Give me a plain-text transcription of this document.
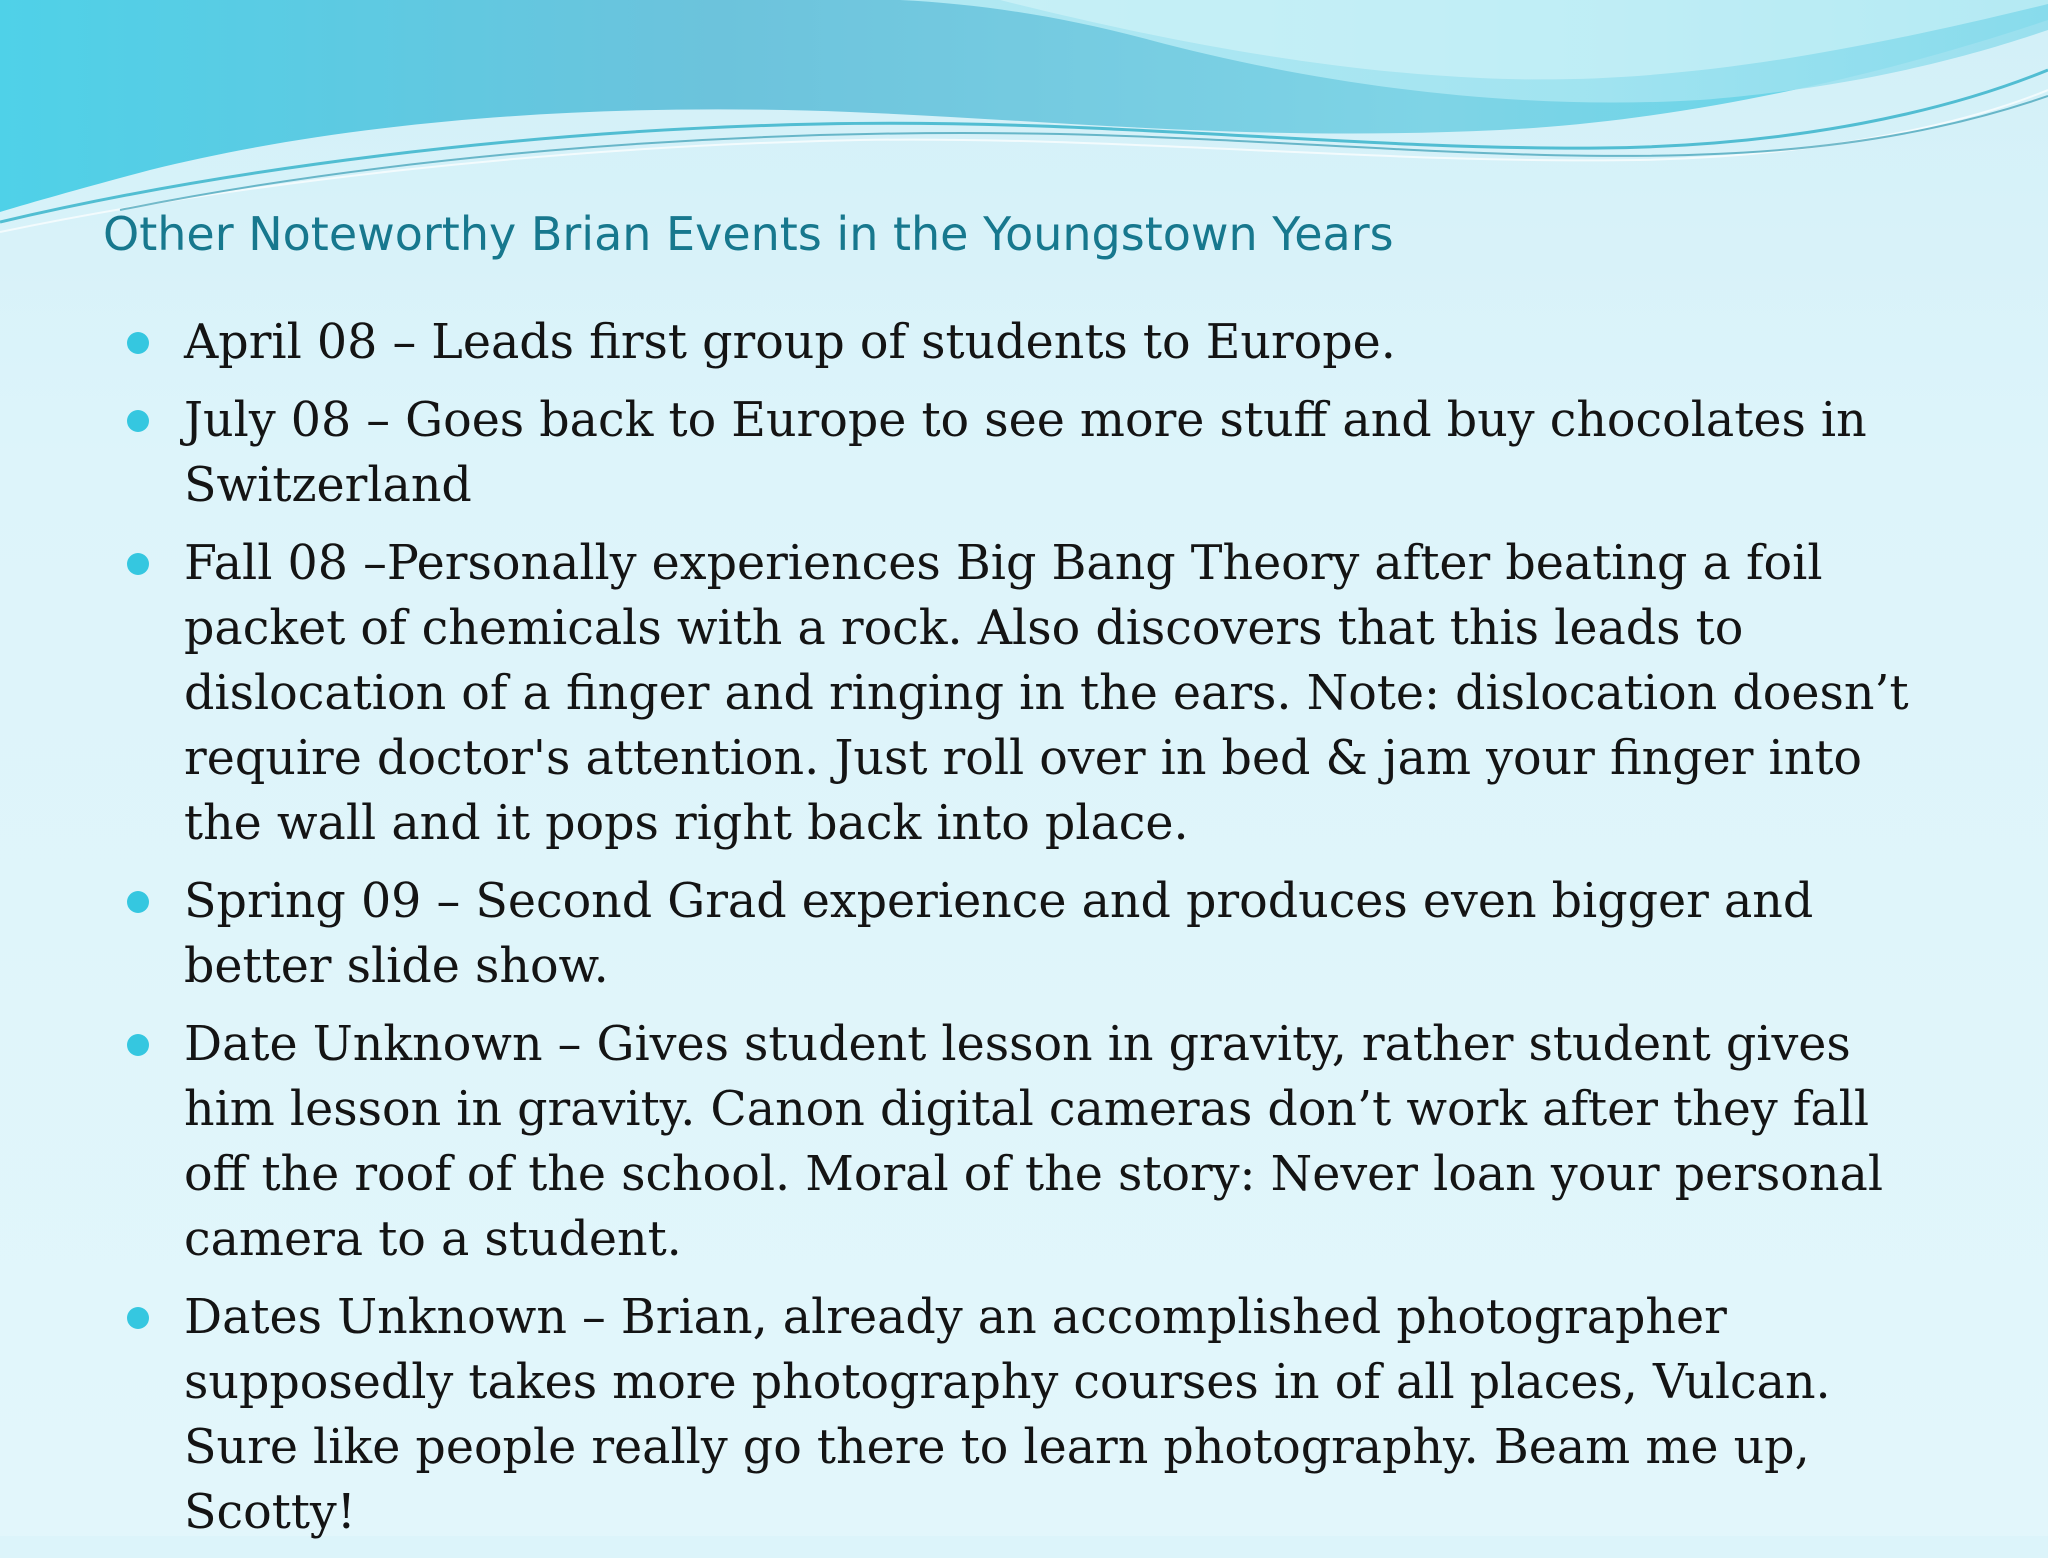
Other Noteworthy Brian Events in the Youngstown Years
April 08 – Leads first group of students to Europe.
July 08 – Goes back to Europe to see more stuff and buy chocolates in Switzerland
Fall 08 –Personally experiences Big Bang Theory after beating a foil packet of chemicals with a rock. Also discovers that this leads to dislocation of a finger and ringing in the ears. Note: dislocation doesn’t require doctor's attention. Just roll over in bed & jam your finger into the wall and it pops right back into place.
Spring 09 – Second Grad experience and produces even bigger and better slide show.
Date Unknown – Gives student lesson in gravity, rather student gives him lesson in gravity. Canon digital cameras don’t work after they fall off the roof of the school. Moral of the story: Never loan your personal camera to a student.
Dates Unknown – Brian, already an accomplished photographer supposedly takes more photography courses in of all places, Vulcan. Sure like people really go there to learn photography. Beam me up, Scotty!
